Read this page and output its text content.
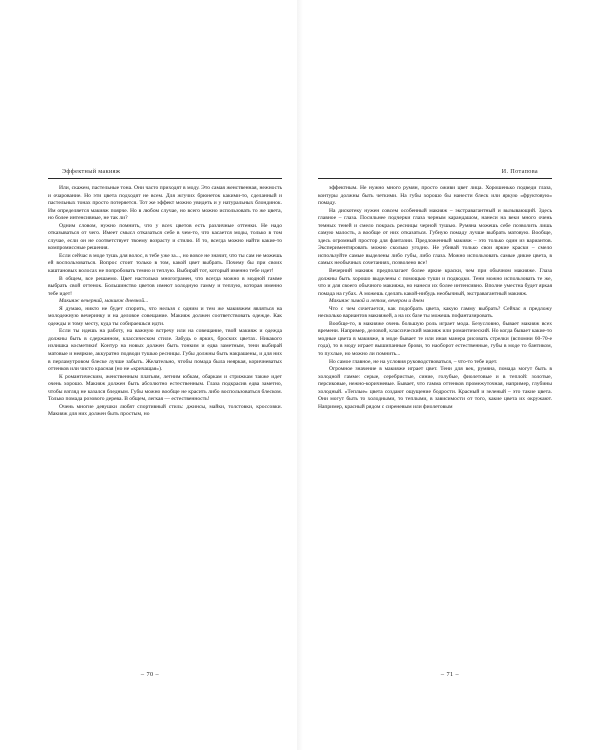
Эффектный макияж

Или, скажем, пастельные тона. Они часто приходят в моду. Это самая женственная, нежность и очарование. Но эти цвета подходят не всем. Для жгучих брюнеток какими-то, сделанный и пастельных тонах просто потеряется. Тот же эффект можно увидеть и у натуральных блондинок. Им определяется макияж поярче. Но в любом случае, но всего можно использовать то же цвета, но более интенсивные, не так ли?

Одним словом, нужно помнить, что у всех цветов есть различные оттенки. Не надо отказываться от чего. Имеет смысл отказаться себе в чем-то, что касается моды, только в том случае, если он не соответствует твоему возрасту и стилю. И то, всегда можно найти какие-то компромиссные решения.

Если сейчас в моде тушь для волос, в тебе уже за..., но вовсе не значит, что ты сам не можешь ей воспользоваться. Вопрос стоит только в том, какой цвет выбрать. Почему бы при своих каштановых волосах не попробовать темно и теплую. Выбирай тот, который именно тебе идет!

В общем, все решаемо. Цвет настолько многогранен, что всегда можно в модной гамме выбрать свой оттенок. Большинство цветов имеют холодную гамму и теплую, которая именно тебе идет!

Макияж вечерний, макияж дневной...

Я думаю, никто не будет спорить, что нельзя с одним и тем же макияжем являться на молодежную вечеринку и на деловое совещание. Макияж должен соответствовать одежде. Как одежды и тому месту, куда ты собираешься идти.

Если ты идешь на работу, на важную встречу или на совещание, твой макияж и одежда должны быть в сдержанном, классическом стиле. Забудь о ярких, броских цветах. Никакого излишка косметики! Контур на новых должен быть тонким и едва заметным, тени выбирай матовые и неяркие, аккуратно подводи тушью ресницы. Губы должны быть накрашены, и для них в перламутровом блеске лучше забыть. Желательно, чтобы помада была неяркая, коричневатых оттенков или чисто красная (но не «кричащая»).

К романтическим, женственным платьям, летним юбкам, обаркам и стрижкам также идет очень хорошо. Макияж должен быть абсолютно естественным. Глаза подкрасив едва заметно, чтобы взгляд не казался бледным. Губы можно вообще не красить либо воспользоваться блеском. Только помада розового дерева. В общем, легкая — естественность!

Очень многие девушки любят спортивный стиль: джинсы, майки, толстовки, кроссовки. Макияж для них должен быть простым, но

– 70 –
И. Потапова

эффектным. Не нужно много румян, просто оживи цвет лица. Хорошенько подведи глаза, контуры должны быть четкими. На губы хорошо бы нанести блеск или яркую «фруктовую» помаду.

На дискотеку нужен совсем особенный макияж – экстравагантный и вызывающий. Здесь главное – глаза. Посильнее подчерки глаза черным карандашом, нанеси на веки много очень темных теней и смело покрась ресницы черной тушью. Румяна можешь себе позволить лишь самую малость, а вообще от них отказаться. Губную помаду лучше выбрать матовую. Вообще, здесь огромный простор для фантазии. Предложенный макияж – это только один из вариантов. Экспериментировать можно сколько угодно. Не убивай только свои яркие краски – смело используйте самые выделены либо губы, либо глаза. Можно использовать самые дикие цвета, в самых необычных сочетаниях, позволено все!

Вечерний макияж предполагает более яркие краски, чем при обычном макияже. Глаза должны быть хорошо выделены с помощью туши и подводки. Тени можно использовать те же, что и для своего обычного макияжа, но нанеси их более интенсивно. Вполне уместна будет яркая помада на губах. А можешь сделать какой-нибудь необычный, экстравагантный макияж.

Макияж зимой и летом, вечером и днем

Что с чем сочетается, как подобрать цвета, какую гамму выбрать? Сейчас я предложу несколько вариантов макияжей, а на их базе ты можешь пофантазировать.

Вообще-то, в макияже очень большую роль играет мода. Безусловно, бывает макияж всех времени. Например, деловой, классический макияж или романтический. Но когда бывает какие-то модные цвета в макияже, в моде бывает те или иная манера рисовать стрелки (вспомни 60-70-е года), то в моду играет вышипанные брови, то наоборот естественные, губы в моде то бантиком, то пухлые, но можно ли помнить...

Но самое главное, не на условия руководствоваться, – что-то тебе идет.

Огромное значение в макияже играет цвет. Тени для век, румяна, помада могут быть в холодной гамме: серые, серебристые, синие, голубые, фиолетовые и в теплой: золотые, персиковые, нежно-коричневые. Бывает, что гамма оттенков промежуточная, например, глубины холодный. «Теплые» цвета создают ощущение бодрости. Красный и зеленый – это такие цвета. Они могут быть то холодными, то теплыми, в зависимости от того, какие цвета их окружают. Например, красный рядом с сиреневым или фиолетовым

– 71 –
